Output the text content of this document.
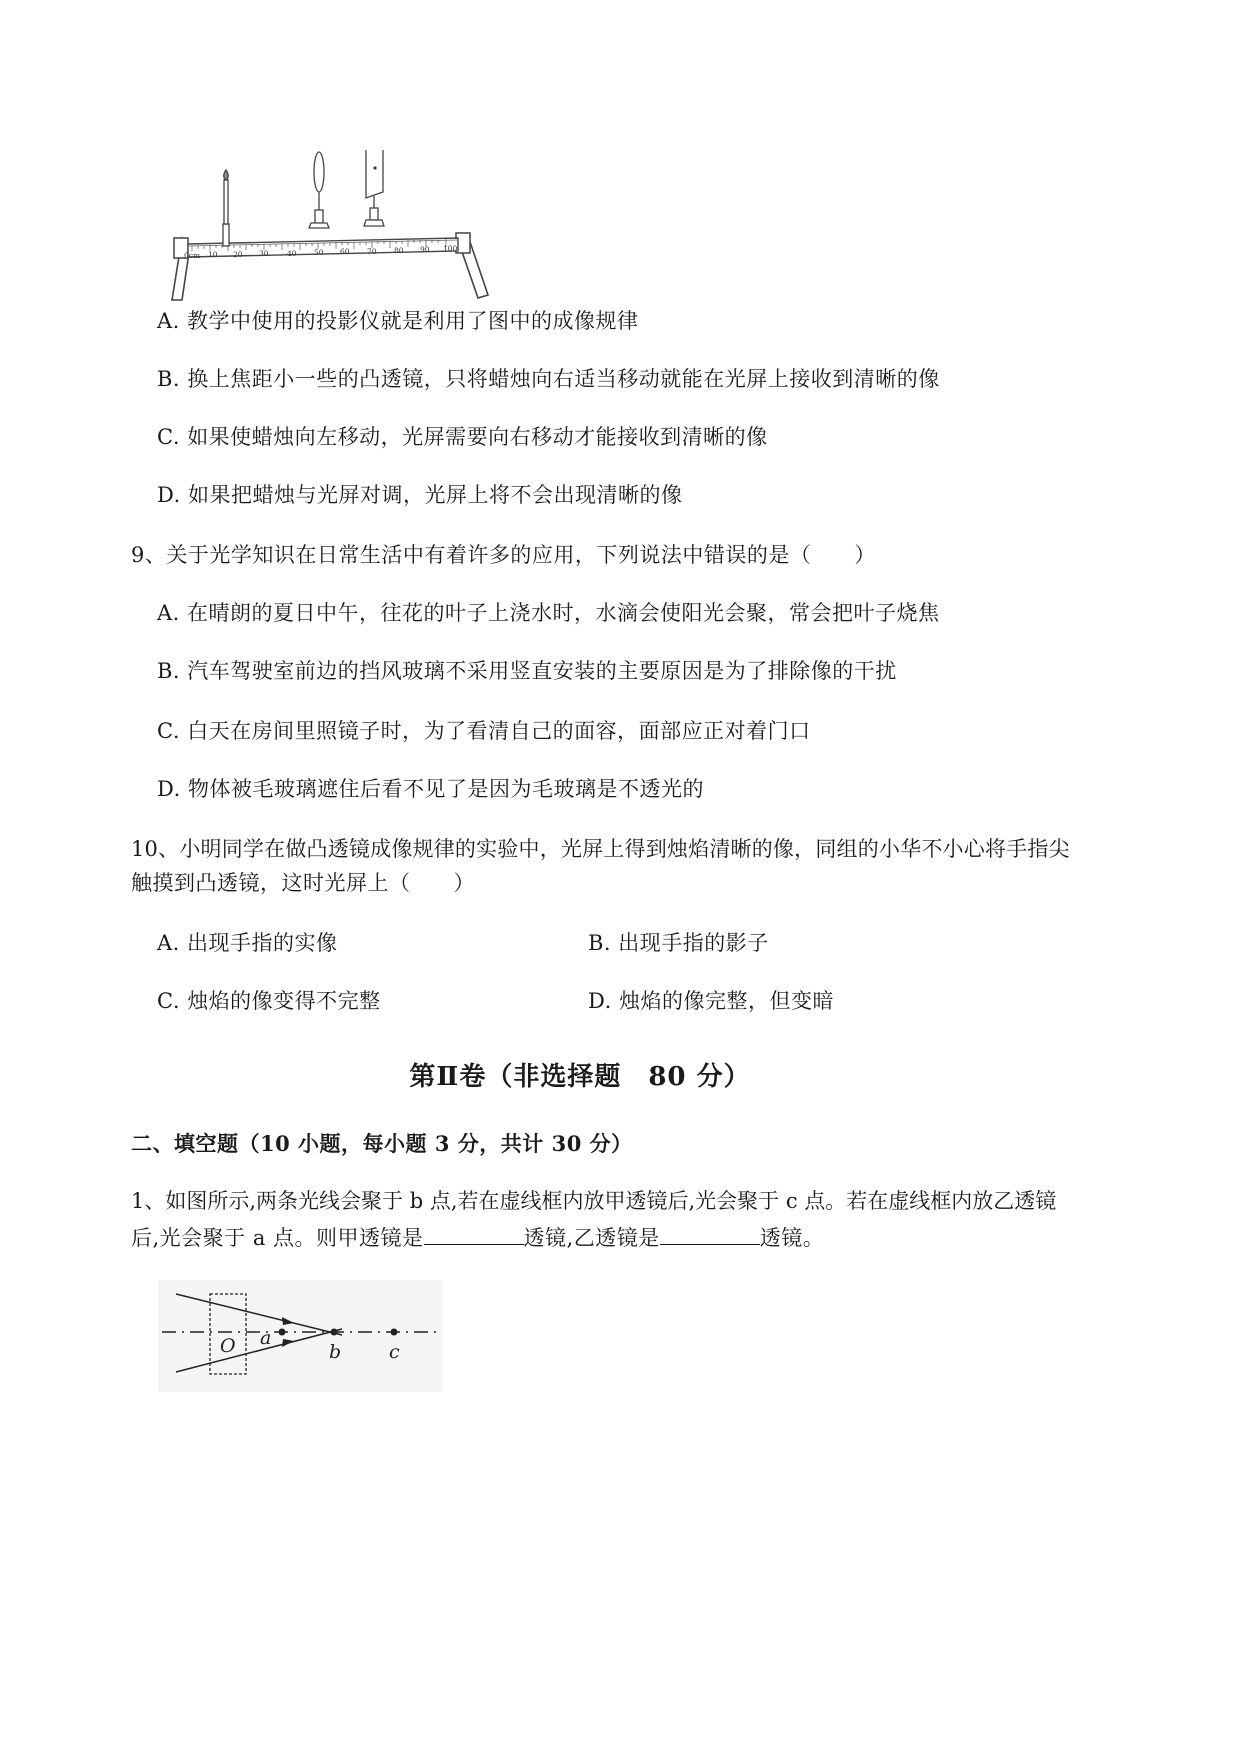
0cm 10 20 30 40 50 60 70 80 90 100
A. 教学中使用的投影仪就是利用了图中的成像规律
B. 换上焦距小一些的凸透镜，只将蜡烛向右适当移动就能在光屏上接收到清晰的像
C. 如果使蜡烛向左移动，光屏需要向右移动才能接收到清晰的像
D. 如果把蜡烛与光屏对调，光屏上将不会出现清晰的像
9、关于光学知识在日常生活中有着许多的应用，下列说法中错误的是（　　）
A. 在晴朗的夏日中午，往花的叶子上浇水时，水滴会使阳光会聚，常会把叶子烧焦
B. 汽车驾驶室前边的挡风玻璃不采用竖直安装的主要原因是为了排除像的干扰
C. 白天在房间里照镜子时，为了看清自己的面容，面部应正对着门口
D. 物体被毛玻璃遮住后看不见了是因为毛玻璃是不透光的
10、小明同学在做凸透镜成像规律的实验中，光屏上得到烛焰清晰的像，同组的小华不小心将手指尖
触摸到凸透镜，这时光屏上（　　）
A. 出现手指的实像	B. 出现手指的影子
C. 烛焰的像变得不完整	D. 烛焰的像完整，但变暗
第Ⅱ卷（非选择题　80 分）
二、填空题（10 小题，每小题 3 分，共计 30 分）
1、如图所示,两条光线会聚于 b 点,若在虚线框内放甲透镜后,光会聚于 c 点。若在虚线框内放乙透镜
后,光会聚于 a 点。则甲透镜是	透镜,乙透镜是	透镜。
O a
b	c
